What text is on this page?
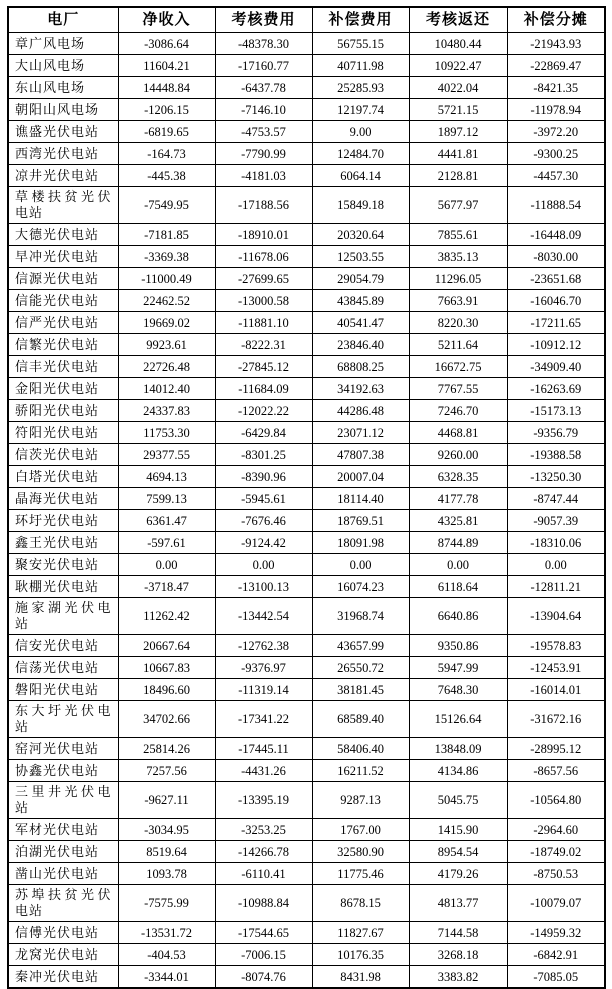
电厂	净收入	考核费用	补偿费用	考核返还	补偿分摊
章广风电场	-3086.64	-48378.30	56755.15	10480.44	-21943.93
大山风电场	11604.21	-17160.77	40711.98	10922.47	-22869.47
东山风电场	14448.84	-6437.78	25285.93	4022.04	-8421.35
朝阳山风电场	-1206.15	-7146.10	12197.74	5721.15	-11978.94
谯盛光伏电站	-6819.65	-4753.57	9.00	1897.12	-3972.20
西湾光伏电站	-164.73	-7790.99	12484.70	4441.81	-9300.25
凉井光伏电站	-445.38	-4181.03	6064.14	2128.81	-4457.30
草楼扶贫光伏电站	-7549.95	-17188.56	15849.18	5677.97	-11888.54
大德光伏电站	-7181.85	-18910.01	20320.64	7855.61	-16448.09
早冲光伏电站	-3369.38	-11678.06	12503.55	3835.13	-8030.00
信源光伏电站	-11000.49	-27699.65	29054.79	11296.05	-23651.68
信能光伏电站	22462.52	-13000.58	43845.89	7663.91	-16046.70
信严光伏电站	19669.02	-11881.10	40541.47	8220.30	-17211.65
信繁光伏电站	9923.61	-8222.31	23846.40	5211.64	-10912.12
信丰光伏电站	22726.48	-27845.12	68808.25	16672.75	-34909.40
金阳光伏电站	14012.40	-11684.09	34192.63	7767.55	-16263.69
骄阳光伏电站	24337.83	-12022.22	44286.48	7246.70	-15173.13
符阳光伏电站	11753.30	-6429.84	23071.12	4468.81	-9356.79
信茨光伏电站	29377.55	-8301.25	47807.38	9260.00	-19388.58
白塔光伏电站	4694.13	-8390.96	20007.04	6328.35	-13250.30
晶海光伏电站	7599.13	-5945.61	18114.40	4177.78	-8747.44
环圩光伏电站	6361.47	-7676.46	18769.51	4325.81	-9057.39
鑫王光伏电站	-597.61	-9124.42	18091.98	8744.89	-18310.06
聚安光伏电站	0.00	0.00	0.00	0.00	0.00
耿棚光伏电站	-3718.47	-13100.13	16074.23	6118.64	-12811.21
施家湖光伏电站	11262.42	-13442.54	31968.74	6640.86	-13904.64
信安光伏电站	20667.64	-12762.38	43657.99	9350.86	-19578.83
信荡光伏电站	10667.83	-9376.97	26550.72	5947.99	-12453.91
磐阳光伏电站	18496.60	-11319.14	38181.45	7648.30	-16014.01
东大圩光伏电站	34702.66	-17341.22	68589.40	15126.64	-31672.16
窑河光伏电站	25814.26	-17445.11	58406.40	13848.09	-28995.12
协鑫光伏电站	7257.56	-4431.26	16211.52	4134.86	-8657.56
三里井光伏电站	-9627.11	-13395.19	9287.13	5045.75	-10564.80
军材光伏电站	-3034.95	-3253.25	1767.00	1415.90	-2964.60
泊湖光伏电站	8519.64	-14266.78	32580.90	8954.54	-18749.02
凿山光伏电站	1093.78	-6110.41	11775.46	4179.26	-8750.53
苏埠扶贫光伏电站	-7575.99	-10988.84	8678.15	4813.77	-10079.07
信傅光伏电站	-13531.72	-17544.65	11827.67	7144.58	-14959.32
龙窝光伏电站	-404.53	-7006.15	10176.35	3268.18	-6842.91
秦冲光伏电站	-3344.01	-8074.76	8431.98	3383.82	-7085.05
